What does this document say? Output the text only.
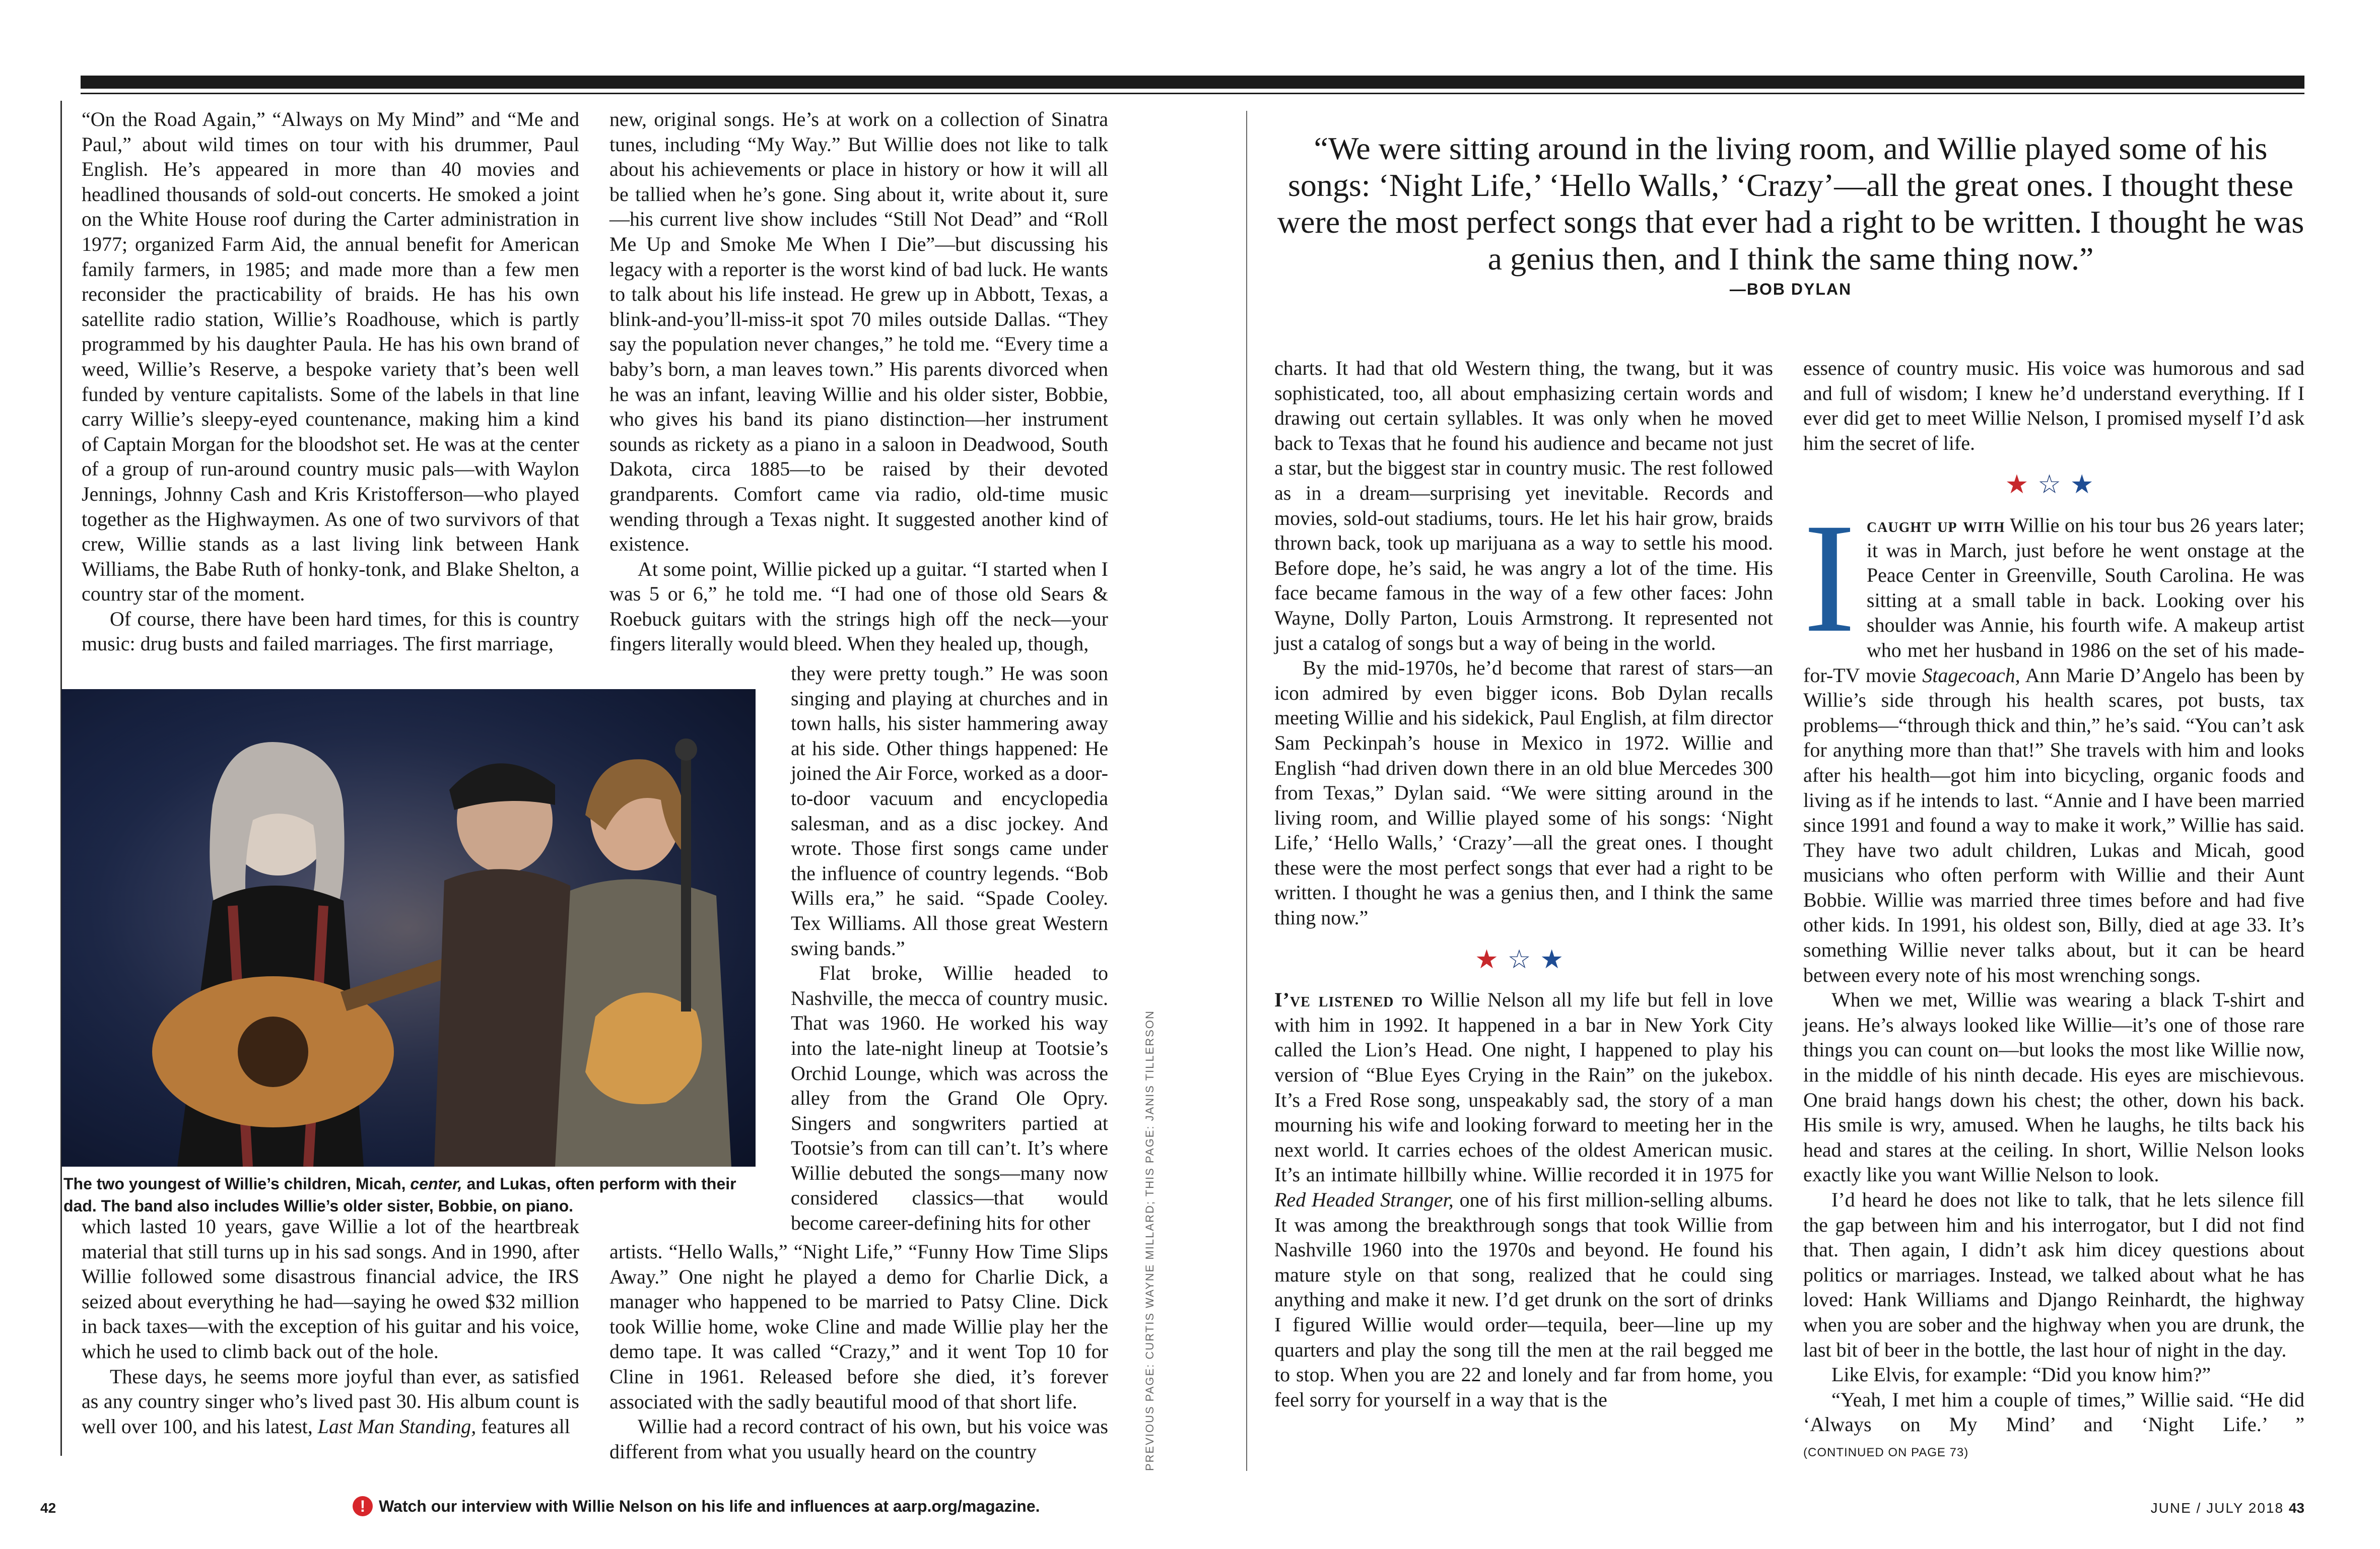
“On the Road Again,” “Always on My Mind” and “Me and Paul,” about wild times on tour with his drummer, Paul English. He’s appeared in more than 40 movies and headlined thousands of sold-out concerts. He smoked a joint on the White House roof during the Carter administration in 1977; organized Farm Aid, the annual benefit for American family farmers, in 1985; and made more than a few men reconsider the practicability of braids. He has his own satellite radio station, Willie’s Roadhouse, which is partly programmed by his daughter Paula. He has his own brand of weed, Willie’s Reserve, a bespoke variety that’s been well funded by venture capitalists. Some of the labels in that line carry Willie’s sleepy-eyed countenance, making him a kind of Captain Morgan for the bloodshot set. He was at the center of a group of run-around country music pals—with Waylon Jennings, Johnny Cash and Kris Kristofferson—who played together as the Highwaymen. As one of two survivors of that crew, Willie stands as a last living link between Hank Williams, the Babe Ruth of honky-tonk, and Blake Shelton, a country star of the moment.

Of course, there have been hard times, for this is country music: drug busts and failed marriages. The first marriage,

The two youngest of Willie’s children, Micah, center, and Lukas, often perform with their dad. The band also includes Willie’s older sister, Bobbie, on piano.

which lasted 10 years, gave Willie a lot of the heartbreak material that still turns up in his sad songs. And in 1990, after Willie followed some disastrous financial advice, the IRS seized about everything he had—saying he owed $32 million in back taxes—with the exception of his guitar and his voice, which he used to climb back out of the hole.

These days, he seems more joyful than ever, as satisfied as any country singer who’s lived past 30. His album count is well over 100, and his latest, Last Man Standing, features all

new, original songs. He’s at work on a collection of Sinatra tunes, including “My Way.” But Willie does not like to talk about his achievements or place in history or how it will all be tallied when he’s gone. Sing about it, write about it, sure—his current live show includes “Still Not Dead” and “Roll Me Up and Smoke Me When I Die”—but discussing his legacy with a reporter is the worst kind of bad luck. He wants to talk about his life instead. He grew up in Abbott, Texas, a blink-and-you’ll-miss-it spot 70 miles outside Dallas. “They say the population never changes,” he told me. “Every time a baby’s born, a man leaves town.” His parents divorced when he was an infant, leaving Willie and his older sister, Bobbie, who gives his band its piano distinction—her instrument sounds as rickety as a piano in a saloon in Deadwood, South Dakota, circa 1885—to be raised by their devoted grandparents. Comfort came via radio, old-time music wending through a Texas night. It suggested another kind of existence.

At some point, Willie picked up a guitar. “I started when I was 5 or 6,” he told me. “I had one of those old Sears & Roebuck guitars with the strings high off the neck—your fingers literally would bleed. When they healed up, though,

they were pretty tough.” He was soon singing and playing at churches and in town halls, his sister hammering away at his side. Other things happened: He joined the Air Force, worked as a door-to-door vacuum and encyclopedia salesman, and as a disc jockey. And wrote. Those first songs came under the influence of country legends. “Bob Wills era,” he said. “Spade Cooley. Tex Williams. All those great Western swing bands.”

Flat broke, Willie headed to Nashville, the mecca of country music. That was 1960. He worked his way into the late-night lineup at Tootsie’s Orchid Lounge, which was across the alley from the Grand Ole Opry. Singers and songwriters partied at Tootsie’s from can till can’t. It’s where Willie debuted the songs—many now considered classics—that would become career-defining hits for other

artists. “Hello Walls,” “Night Life,” “Funny How Time Slips Away.” One night he played a demo for Charlie Dick, a manager who happened to be married to Patsy Cline. Dick took Willie home, woke Cline and made Willie play her the demo tape. It was called “Crazy,” and it went Top 10 for Cline in 1961. Released before she died, it’s forever associated with the sadly beautiful mood of that short life.

Willie had a record contract of his own, but his voice was different from what you usually heard on the country	PREVIOUS PAGE: CURTIS WAYNE MILLARD; THIS PAGE: JANIS TILLERSON
“We were sitting around in the living room, and Willie played some of his songs: ‘Night Life,’ ‘Hello Walls,’ ‘Crazy’—all the great ones. I thought these were the most perfect songs that ever had a right to be written. I thought he was a genius then, and I think the same thing now.”
—BOB DYLAN

charts. It had that old Western thing, the twang, but it was sophisticated, too, all about emphasizing certain words and drawing out certain syllables. It was only when he moved back to Texas that he found his audience and became not just a star, but the biggest star in country music. The rest followed as in a dream—surprising yet inevitable. Records and movies, sold-out stadiums, tours. He let his hair grow, braids thrown back, took up marijuana as a way to settle his mood. Before dope, he’s said, he was angry a lot of the time. His face became famous in the way of a few other faces: John Wayne, Dolly Parton, Louis Armstrong. It represented not just a catalog of songs but a way of being in the world.

By the mid-1970s, he’d become that rarest of stars—an icon admired by even bigger icons. Bob Dylan recalls meeting Willie and his sidekick, Paul English, at film director Sam Peckinpah’s house in Mexico in 1972. Willie and English “had driven down there in an old blue Mercedes 300 from Texas,” Dylan said. “We were sitting around in the living room, and Willie played some of his songs: ‘Night Life,’ ‘Hello Walls,’ ‘Crazy’—all the great ones. I thought these were the most perfect songs that ever had a right to be written. I thought he was a genius then, and I think the same thing now.”

★☆★

I’ve listened to Willie Nelson all my life but fell in love with him in 1992. It happened in a bar in New York City called the Lion’s Head. One night, I happened to play his version of “Blue Eyes Crying in the Rain” on the jukebox. It’s a Fred Rose song, unspeakably sad, the story of a man mourning his wife and looking forward to meeting her in the next world. It carries echoes of the oldest American music. It’s an intimate hillbilly whine. Willie recorded it in 1975 for Red Headed Stranger, one of his first million-selling albums. It was among the breakthrough songs that took Willie from Nashville 1960 into the 1970s and beyond. He found his mature style on that song, realized that he could sing anything and make it new. I’d get drunk on the sort of drinks I figured Willie would order—tequila, beer—line up my quarters and play the song till the men at the rail begged me to stop. When you are 22 and lonely and far from home, you feel sorry for yourself in a way that is the

essence of country music. His voice was humorous and sad and full of wisdom; I knew he’d understand everything. If I ever did get to meet Willie Nelson, I promised myself I’d ask him the secret of life.

★☆★

Icaught up with Willie on his tour bus 26 years later; it was in March, just before he went onstage at the Peace Center in Greenville, South Carolina. He was sitting at a small table in back. Looking over his shoulder was Annie, his fourth wife. A makeup artist who met her husband in 1986 on the set of his made-for-TV movie Stagecoach, Ann Marie D’Angelo has been by Willie’s side through his health scares, pot busts, tax problems—“through thick and thin,” he’s said. “You can’t ask for anything more than that!” She travels with him and looks after his health—got him into bicycling, organic foods and living as if he intends to last. “Annie and I have been married since 1991 and found a way to make it work,” Willie has said. They have two adult children, Lukas and Micah, good musicians who often perform with Willie and their Aunt Bobbie. Willie was married three times before and had five other kids. In 1991, his oldest son, Billy, died at age 33. It’s something Willie never talks about, but it can be heard between every note of his most wrenching songs.

When we met, Willie was wearing a black T-shirt and jeans. He’s always looked like Willie—it’s one of those rare things you can count on—but looks the most like Willie now, in the middle of his ninth decade. His eyes are mischievous. One braid hangs down his chest; the other, down his back. His smile is wry, amused. When he laughs, he tilts back his head and stares at the ceiling. In short, Willie Nelson looks exactly like you want Willie Nelson to look.

I’d heard he does not like to talk, that he lets silence fill the gap between him and his interrogator, but I did not find that. Then again, I didn’t ask him dicey questions about politics or marriages. Instead, we talked about what he has loved: Hank Williams and Django Reinhardt, the highway when you are sober and the highway when you are drunk, the last bit of beer in the bottle, the last hour of night in the day.

Like Elvis, for example: “Did you know him?”

“Yeah, I met him a couple of times,” Willie said. “He did ‘Always on My Mind’ and ‘Night Life.’ ” (CONTINUED ON PAGE 73)

42	! Watch our interview with Willie Nelson on his life and influences at aarp.org/magazine.	JUNE / JULY 2018 43
